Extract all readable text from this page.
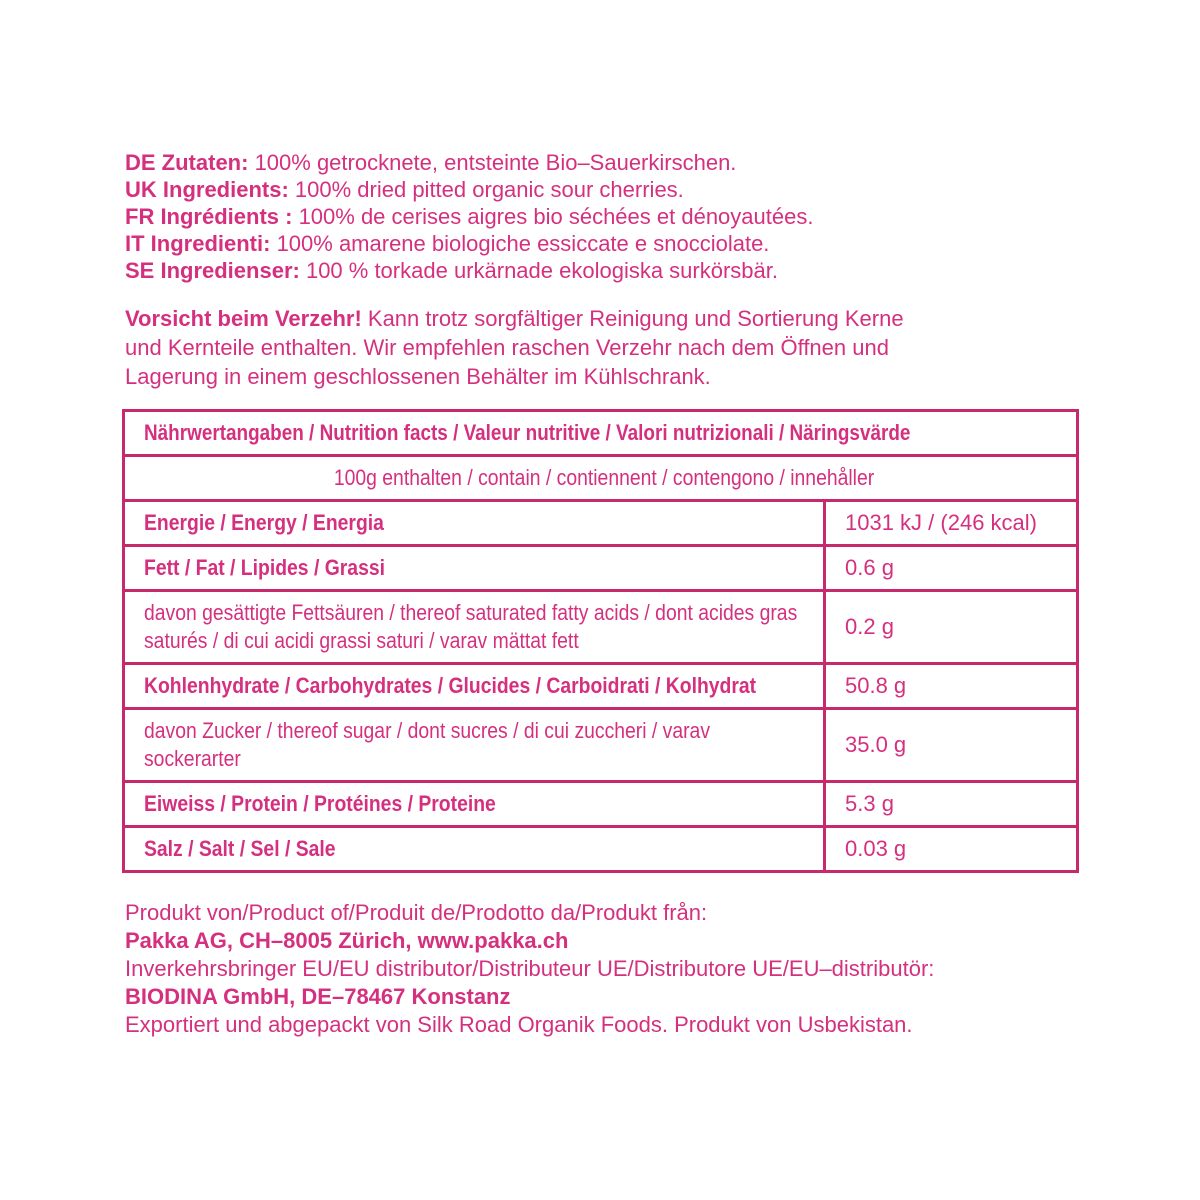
DE Zutaten: 100% getrocknete, entsteinte Bio–Sauerkirschen.
UK Ingredients: 100% dried pitted organic sour cherries.
FR Ingrédients : 100% de cerises aigres bio séchées et dénoyautées.
IT Ingredienti: 100% amarene biologiche essiccate e snocciolate.
SE Ingredienser: 100 % torkade urkärnade ekologiska surkörsbär.
Vorsicht beim Verzehr! Kann trotz sorgfältiger Reinigung und Sortierung Kerne
und Kernteile enthalten. Wir empfehlen raschen Verzehr nach dem Öffnen und
Lagerung in einem geschlossenen Behälter im Kühlschrank.
Nährwertangaben / Nutrition facts / Valeur nutritive / Valori nutrizionali / Näringsvärde	
100g enthalten / contain / contiennent / contengono / innehåller	
Energie / Energy / Energia	1031 kJ / (246 kcal)
Fett / Fat / Lipides / Grassi	0.6 g
davon gesättigte Fettsäuren / thereof saturated fatty acids / dont acides gras saturés / di cui acidi grassi saturi / varav mättat fett	0.2 g
Kohlenhydrate / Carbohydrates / Glucides / Carboidrati / Kolhydrat	50.8 g
davon Zucker / thereof sugar / dont sucres / di cui zuccheri / varav sockerarter	35.0 g
Eiweiss / Protein / Protéines / Proteine	5.3 g
Salz / Salt / Sel / Sale	0.03 g
Produkt von/Product of/Produit de/Prodotto da/Produkt från:
Pakka AG, CH–8005 Zürich, www.pakka.ch
Inverkehrsbringer EU/EU distributor/Distributeur UE/Distributore UE/EU–distributör:
BIODINA GmbH, DE–78467 Konstanz
Exportiert und abgepackt von Silk Road Organik Foods. Produkt von Usbekistan.
